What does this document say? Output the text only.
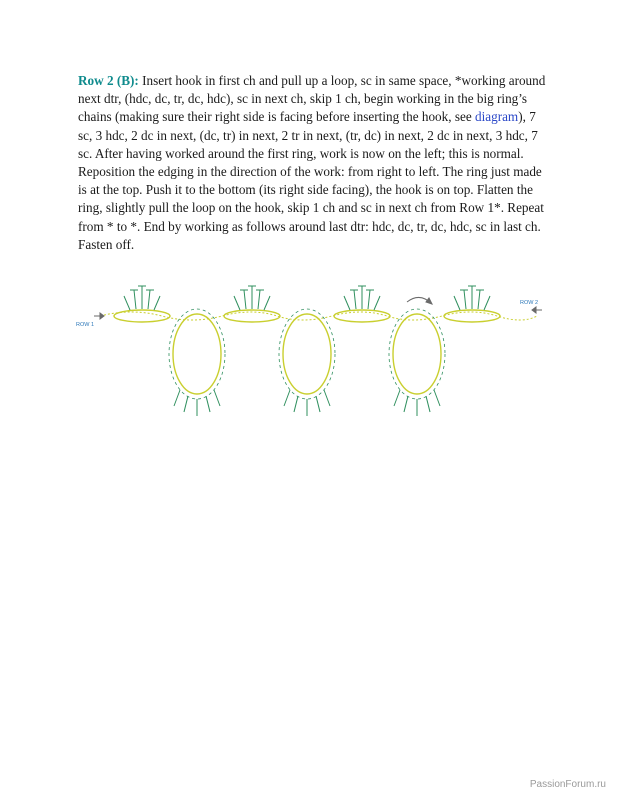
Row 2 (B): Insert hook in first ch and pull up a loop, sc in same space, *working around next dtr, (hdc, dc, tr, dc, hdc), sc in next ch, skip 1 ch, begin working in the big ring’s chains (making sure their right side is facing before inserting the hook, see diagram), 7 sc, 3 hdc, 2 dc in next, (dc, tr) in next, 2 tr in next, (tr, dc) in next, 2 dc in next, 3 hdc, 7 sc. After having worked around the first ring, work is now on the left; this is normal. Reposition the edging in the direction of the work: from right to left. The ring just made is at the top. Push it to the bottom (its right side facing), the hook is on top. Flatten the ring, slightly pull the loop on the hook, skip 1 ch and sc in next ch from Row 1*. Repeat from * to *. End by working as follows around last dtr: hdc, dc, tr, dc, hdc, sc in last ch. Fasten off.

ROW 1
ROW 2
PassionForum.ru
